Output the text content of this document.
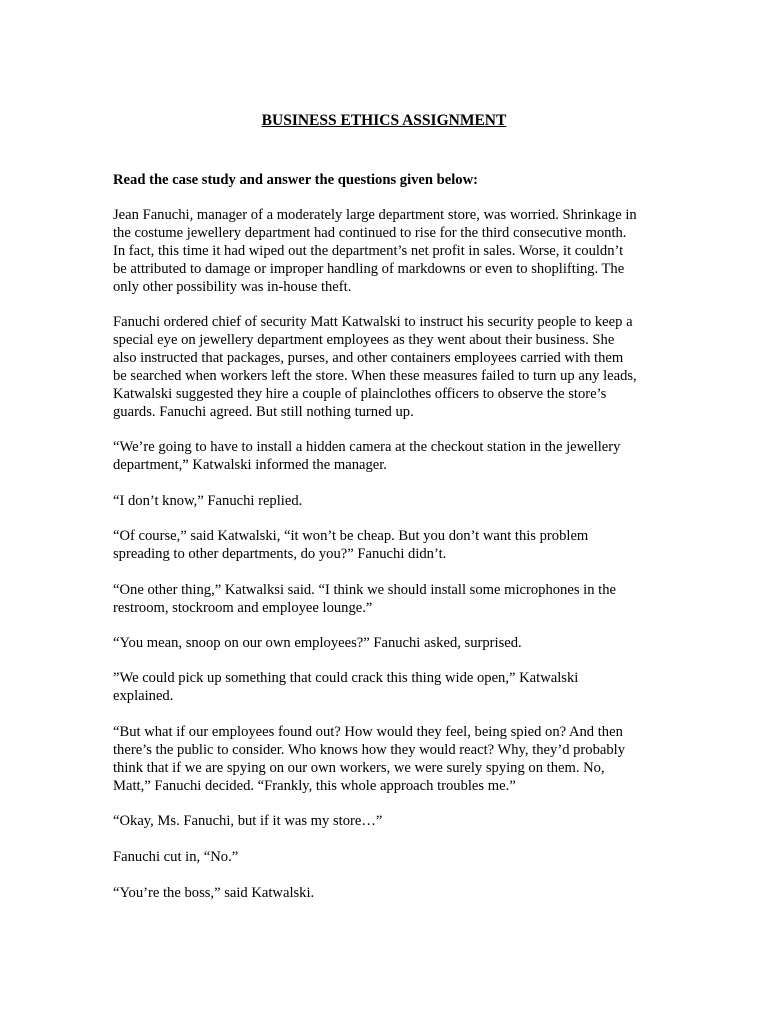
BUSINESS ETHICS ASSIGNMENT
Read the case study and answer the questions given below:
Jean Fanuchi, manager of a moderately large department store, was worried. Shrinkage in
the costume jewellery department had continued to rise for the third consecutive month.
In fact, this time it had wiped out the department’s net profit in sales. Worse, it couldn’t
be attributed to damage or improper handling of markdowns or even to shoplifting. The
only other possibility was in-house theft.
Fanuchi ordered chief of security Matt Katwalski to instruct his security people to keep a
special eye on jewellery department employees as they went about their business. She
also instructed that packages, purses, and other containers employees carried with them
be searched when workers left the store. When these measures failed to turn up any leads,
Katwalski suggested they hire a couple of plainclothes officers to observe the store’s
guards. Fanuchi agreed. But still nothing turned up.
“We’re going to have to install a hidden camera at the checkout station in the jewellery
department,” Katwalski informed the manager.
“I don’t know,” Fanuchi replied.
“Of course,” said Katwalski, “it won’t be cheap. But you don’t want this problem
spreading to other departments, do you?” Fanuchi didn’t.
“One other thing,” Katwalksi said. “I think we should install some microphones in the
restroom, stockroom and employee lounge.”
“You mean, snoop on our own employees?” Fanuchi asked, surprised.
”We could pick up something that could crack this thing wide open,” Katwalski
explained.
“But what if our employees found out? How would they feel, being spied on? And then
there’s the public to consider. Who knows how they would react? Why, they’d probably
think that if we are spying on our own workers, we were surely spying on them. No,
Matt,” Fanuchi decided. “Frankly, this whole approach troubles me.”
“Okay, Ms. Fanuchi, but if it was my store…”
Fanuchi cut in, “No.”
“You’re the boss,” said Katwalski.
